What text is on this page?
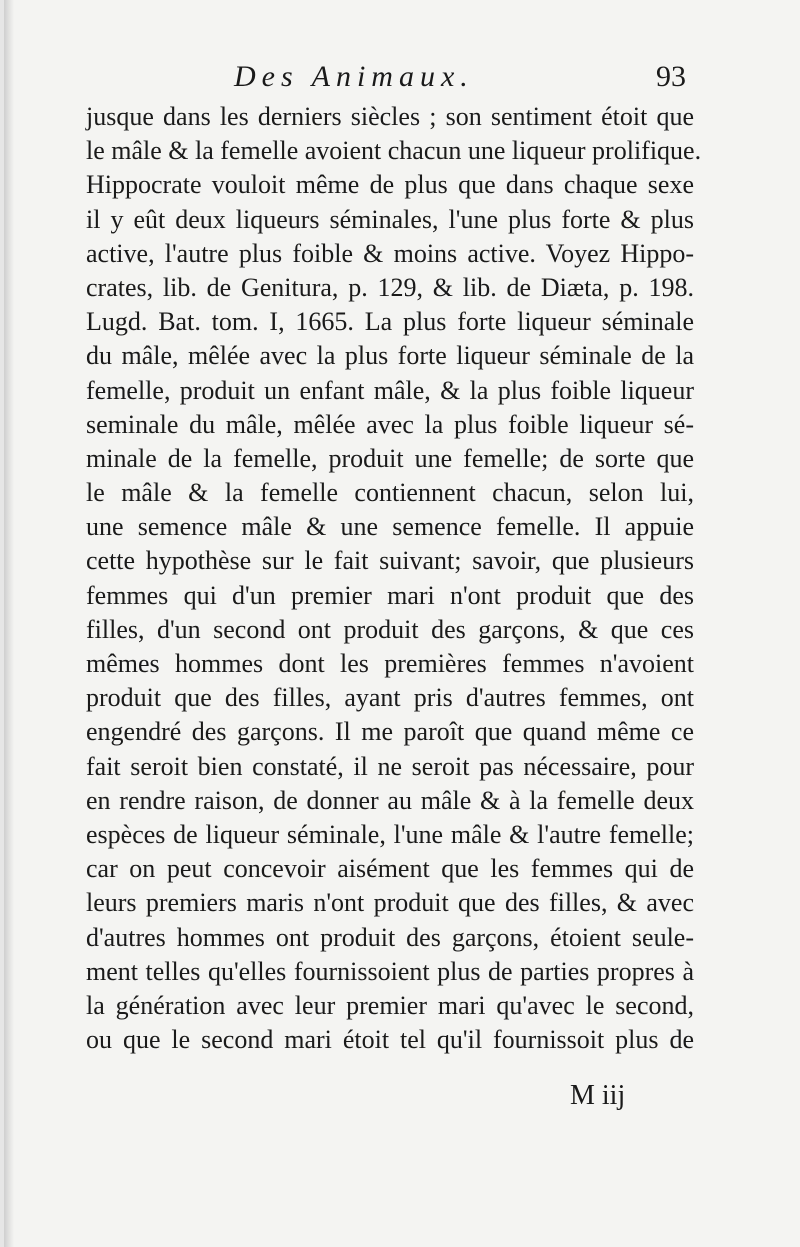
Des Animaux.	93
jusque dans les derniers siècles ; son sentiment étoit que
le mâle & la femelle avoient chacun une liqueur prolifique.
Hippocrate vouloit même de plus que dans chaque sexe
il y eût deux liqueurs séminales, l'une plus forte & plus
active, l'autre plus foible & moins active. Voyez Hippo-
crates, lib. de Genitura, p. 129, & lib. de Diæta, p. 198.
Lugd. Bat. tom. I, 1665. La plus forte liqueur séminale
du mâle, mêlée avec la plus forte liqueur séminale de la
femelle, produit un enfant mâle, & la plus foible liqueur
seminale du mâle, mêlée avec la plus foible liqueur sé-
minale de la femelle, produit une femelle; de sorte que
le mâle & la femelle contiennent chacun, selon lui,
une semence mâle & une semence femelle. Il appuie
cette hypothèse sur le fait suivant; savoir, que plusieurs
femmes qui d'un premier mari n'ont produit que des
filles, d'un second ont produit des garçons, & que ces
mêmes hommes dont les premières femmes n'avoient
produit que des filles, ayant pris d'autres femmes, ont
engendré des garçons. Il me paroît que quand même ce
fait seroit bien constaté, il ne seroit pas nécessaire, pour
en rendre raison, de donner au mâle & à la femelle deux
espèces de liqueur séminale, l'une mâle & l'autre femelle;
car on peut concevoir aisément que les femmes qui de
leurs premiers maris n'ont produit que des filles, & avec
d'autres hommes ont produit des garçons, étoient seule-
ment telles qu'elles fournissoient plus de parties propres à
la génération avec leur premier mari qu'avec le second,
ou que le second mari étoit tel qu'il fournissoit plus de
M iij
